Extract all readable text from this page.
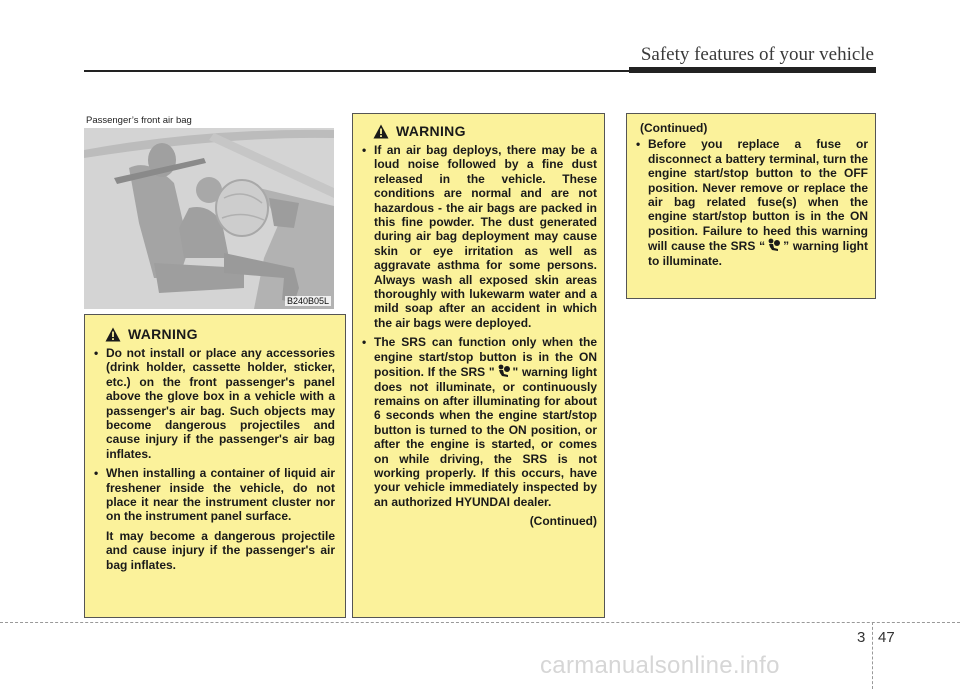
Safety features of your vehicle
Passenger’s front air bag
B240B05L
WARNING
• Do not install or place any accessories (drink holder, cassette holder, sticker, etc.) on the front passenger's panel above the glove box in a vehicle with a passenger's air bag. Such objects may become dangerous projectiles and cause injury if the passenger's air bag inflates.
• When installing a container of liquid air freshener inside the vehicle, do not place it near the instrument cluster nor on the instrument panel surface.
It may become a dangerous projectile and cause injury if the passenger's air bag inflates.
WARNING
• If an air bag deploys, there may be a loud noise followed by a fine dust released in the vehicle. These conditions are normal and are not hazardous - the air bags are packed in this fine powder. The dust generated during air bag deployment may cause skin or eye irritation as well as aggravate asthma for some persons. Always wash all exposed skin areas thoroughly with lukewarm water and a mild soap after an accident in which the air bags were deployed.
• The SRS can function only when the engine start/stop button is in the ON position. If the SRS " " warning light does not illuminate, or continuously remains on after illuminating for about 6 seconds when the engine start/stop button is turned to the ON position, or after the engine is started, or comes on while driving, the SRS is not working properly. If this occurs, have your vehicle immediately inspected by an authorized HYUNDAI dealer.
(Continued)
(Continued)
• Before you replace a fuse or disconnect a battery terminal, turn the engine start/stop button to the OFF position. Never remove or replace the air bag related fuse(s) when the engine start/stop button is in the ON position. Failure to heed this warning will cause the SRS “ ” warning light to illuminate.
3 47
carmanualsonline.info
